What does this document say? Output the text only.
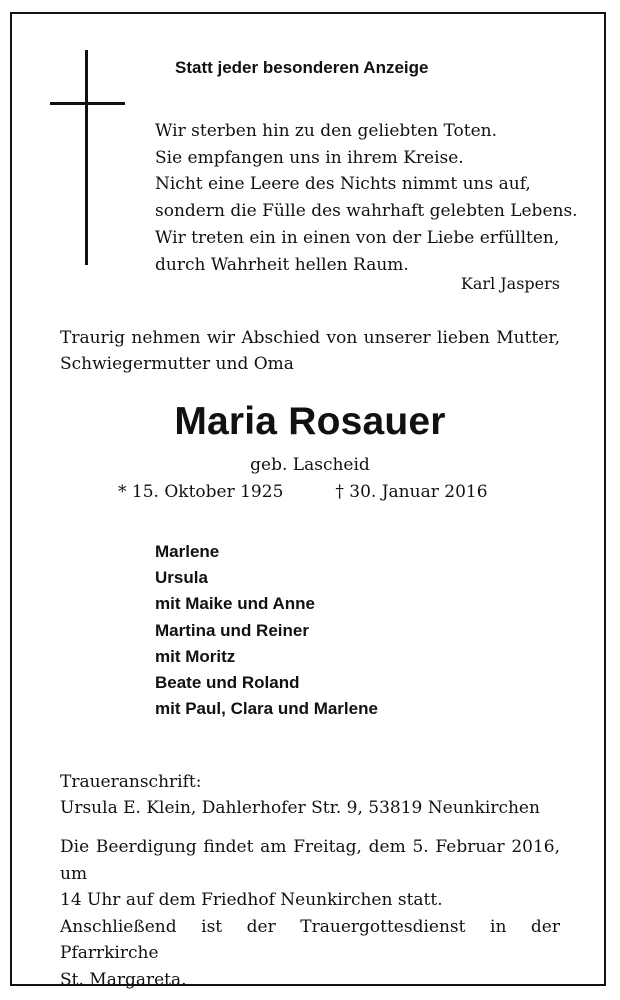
Statt jeder besonderen Anzeige
Wir sterben hin zu den geliebten Toten.
Sie empfangen uns in ihrem Kreise.
Nicht eine Leere des Nichts nimmt uns auf,
sondern die Fülle des wahrhaft gelebten Lebens.
Wir treten ein in einen von der Liebe erfüllten,
durch Wahrheit hellen Raum.
Karl Jaspers
Traurig nehmen wir Abschied von unserer lieben Mutter, Schwiegermutter und Oma
Maria Rosauer
geb. Lascheid
* 15. Oktober 1925	† 30. Januar 2016
Marlene
Ursula
mit Maike und Anne
Martina und Reiner
mit Moritz
Beate und Roland
mit Paul, Clara und Marlene
Traueranschrift:
Ursula E. Klein, Dahlerhofer Str. 9, 53819 Neunkirchen
Die Beerdigung findet am Freitag, dem 5. Februar 2016, um
14 Uhr auf dem Friedhof Neunkirchen statt.
Anschließend ist der Trauergottesdienst in der Pfarrkirche
St. Margareta.
